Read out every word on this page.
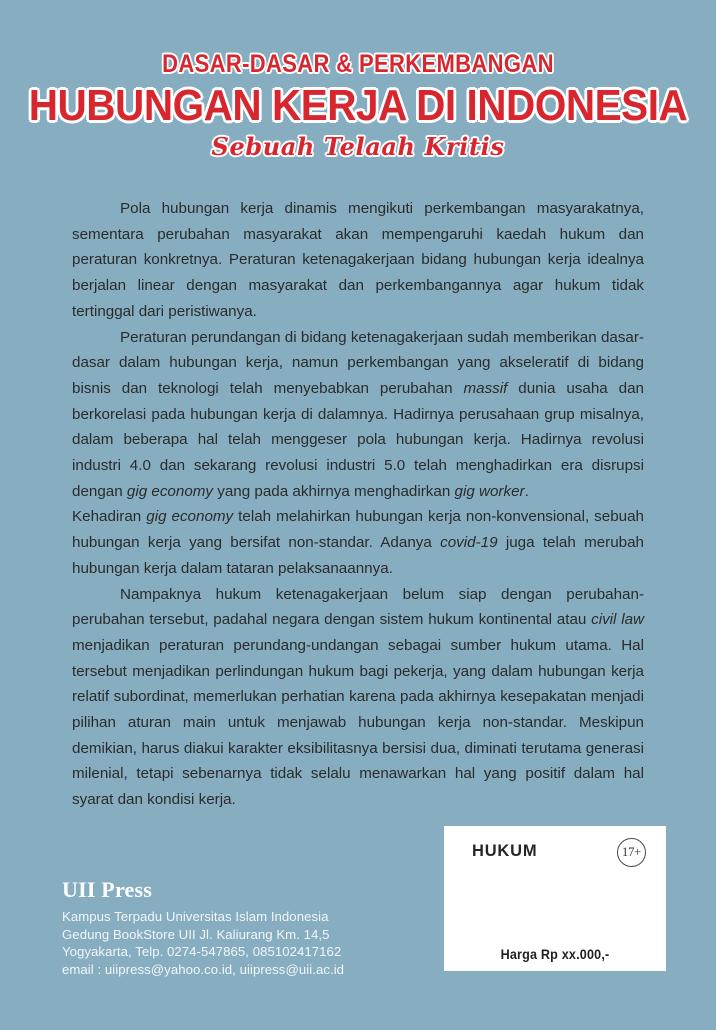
DASAR-DASAR & PERKEMBANGAN
HUBUNGAN KERJA DI INDONESIA
Sebuah Telaah Kritis

Pola hubungan kerja dinamis mengikuti perkembangan masyarakatnya, sementara perubahan masyarakat akan mempengaruhi kaedah hukum dan peraturan konkretnya. Peraturan ketenagakerjaan bidang hubungan kerja idealnya berjalan linear dengan masyarakat dan perkembangannya agar hukum tidak tertinggal dari peristiwanya.

Peraturan perundangan di bidang ketenagakerjaan sudah memberikan dasar-dasar dalam hubungan kerja, namun perkembangan yang akseleratif di bidang bisnis dan teknologi telah menyebabkan perubahan massif dunia usaha dan berkorelasi pada hubungan kerja di dalamnya. Hadirnya perusahaan grup misalnya, dalam beberapa hal telah menggeser pola hubungan kerja. Hadirnya revolusi industri 4.0 dan sekarang revolusi industri 5.0 telah menghadirkan era disrupsi dengan gig economy yang pada akhirnya menghadirkan gig worker.

Kehadiran gig economy telah melahirkan hubungan kerja non-konvensional, sebuah hubungan kerja yang bersifat non-standar. Adanya covid-19 juga telah merubah hubungan kerja dalam tataran pelaksanaannya.

Nampaknya hukum ketenagakerjaan belum siap dengan perubahan-perubahan tersebut, padahal negara dengan sistem hukum kontinental atau civil law menjadikan peraturan perundang-undangan sebagai sumber hukum utama. Hal tersebut menjadikan perlindungan hukum bagi pekerja, yang dalam hubungan kerja relatif subordinat, memerlukan perhatian karena pada akhirnya kesepakatan menjadi pilihan aturan main untuk menjawab hubungan kerja non-standar. Meskipun demikian, harus diakui karakter eksibilitasnya bersisi dua, diminati terutama generasi milenial, tetapi sebenarnya tidak selalu menawarkan hal yang positif dalam hal syarat dan kondisi kerja.

UII Press
Kampus Terpadu Universitas Islam Indonesia
Gedung BookStore UII Jl. Kaliurang Km. 14,5
Yogyakarta, Telp. 0274-547865, 085102417162
email : uiipress@yahoo.co.id, uiipress@uii.ac.id
HUKUM	17+
Harga Rp xx.000,-
